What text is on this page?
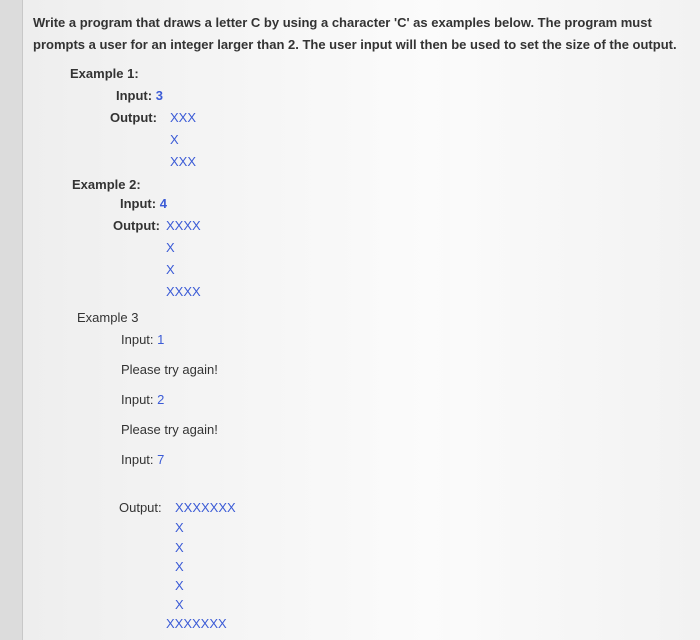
Write a program that draws a letter C by using a character 'C' as examples below. The program must
prompts a user for an integer larger than 2. The user input will then be used to set the size of the output.
Example 1:
Input: 3
Output: XXX
X
XXX
Example 2:
Input: 4
Output: XXXX
X
X
XXXX
Example 3
Input: 1
Please try again!
Input: 2
Please try again!
Input: 7
Output: XXXXXXX
X
X
X
X
X
XXXXXXX
